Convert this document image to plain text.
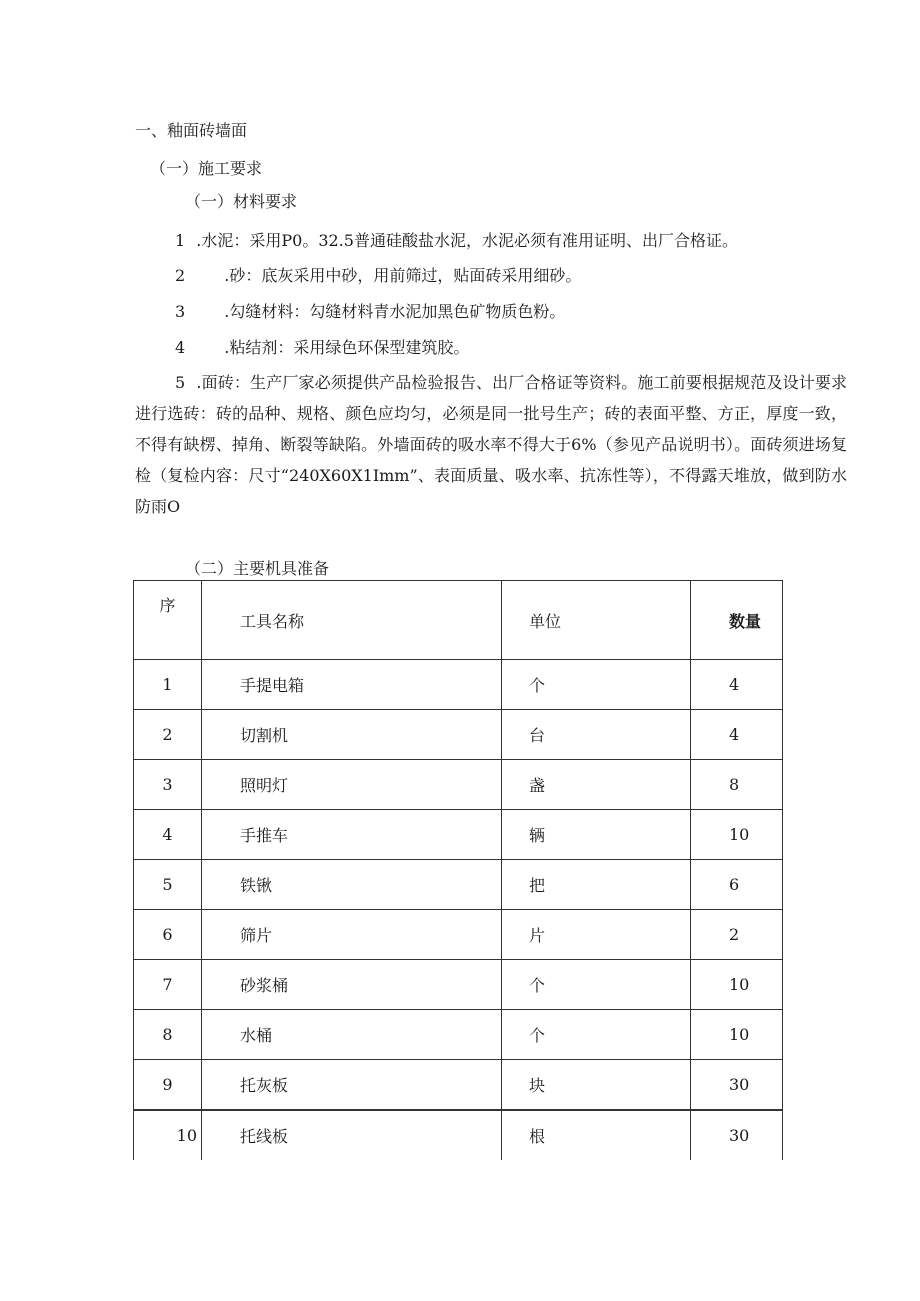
一、釉面砖墙面
（一）施工要求
（一）材料要求
1 .水泥：采用P0。32.5普通硅酸盐水泥，水泥必须有准用证明、出厂合格证。
2 .砂：底灰采用中砂，用前筛过，贴面砖采用细砂。
3 .勾缝材料：勾缝材料青水泥加黑色矿物质色粉。
4 .粘结剂：采用绿色环保型建筑胶。
5 .面砖：生产厂家必须提供产品检验报告、出厂合格证等资料。施工前要根据规范及设计要求进行选砖：砖的品种、规格、颜色应均匀，必须是同一批号生产；砖的表面平整、方正，厚度一致，不得有缺楞、掉角、断裂等缺陷。外墙面砖的吸水率不得大于6%（参见产品说明书）。面砖须进场复检（复检内容：尺寸“240X60X1Imm”、表面质量、吸水率、抗冻性等），不得露天堆放，做到防水防雨O
（二）主要机具准备
序	工具名称	单位	数量
1	手提电箱	个	4
2	切割机	台	4
3	照明灯	盏	8
4	手推车	辆	10
5	铁锹	把	6
6	筛片	片	2
7	砂浆桶	个	10
8	水桶	个	10
9	托灰板	块	30
10	托线板	根	30
